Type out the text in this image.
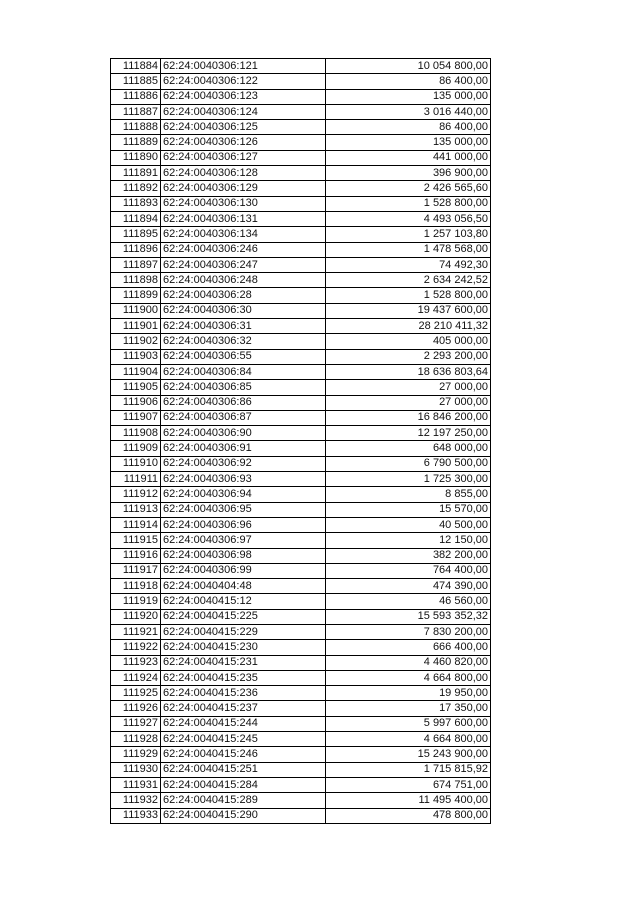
111884	62:24:0040306:121	10 054 800,00
111885	62:24:0040306:122	86 400,00
111886	62:24:0040306:123	135 000,00
111887	62:24:0040306:124	3 016 440,00
111888	62:24:0040306:125	86 400,00
111889	62:24:0040306:126	135 000,00
111890	62:24:0040306:127	441 000,00
111891	62:24:0040306:128	396 900,00
111892	62:24:0040306:129	2 426 565,60
111893	62:24:0040306:130	1 528 800,00
111894	62:24:0040306:131	4 493 056,50
111895	62:24:0040306:134	1 257 103,80
111896	62:24:0040306:246	1 478 568,00
111897	62:24:0040306:247	74 492,30
111898	62:24:0040306:248	2 634 242,52
111899	62:24:0040306:28	1 528 800,00
111900	62:24:0040306:30	19 437 600,00
111901	62:24:0040306:31	28 210 411,32
111902	62:24:0040306:32	405 000,00
111903	62:24:0040306:55	2 293 200,00
111904	62:24:0040306:84	18 636 803,64
111905	62:24:0040306:85	27 000,00
111906	62:24:0040306:86	27 000,00
111907	62:24:0040306:87	16 846 200,00
111908	62:24:0040306:90	12 197 250,00
111909	62:24:0040306:91	648 000,00
111910	62:24:0040306:92	6 790 500,00
111911	62:24:0040306:93	1 725 300,00
111912	62:24:0040306:94	8 855,00
111913	62:24:0040306:95	15 570,00
111914	62:24:0040306:96	40 500,00
111915	62:24:0040306:97	12 150,00
111916	62:24:0040306:98	382 200,00
111917	62:24:0040306:99	764 400,00
111918	62:24:0040404:48	474 390,00
111919	62:24:0040415:12	46 560,00
111920	62:24:0040415:225	15 593 352,32
111921	62:24:0040415:229	7 830 200,00
111922	62:24:0040415:230	666 400,00
111923	62:24:0040415:231	4 460 820,00
111924	62:24:0040415:235	4 664 800,00
111925	62:24:0040415:236	19 950,00
111926	62:24:0040415:237	17 350,00
111927	62:24:0040415:244	5 997 600,00
111928	62:24:0040415:245	4 664 800,00
111929	62:24:0040415:246	15 243 900,00
111930	62:24:0040415:251	1 715 815,92
111931	62:24:0040415:284	674 751,00
111932	62:24:0040415:289	11 495 400,00
111933	62:24:0040415:290	478 800,00
